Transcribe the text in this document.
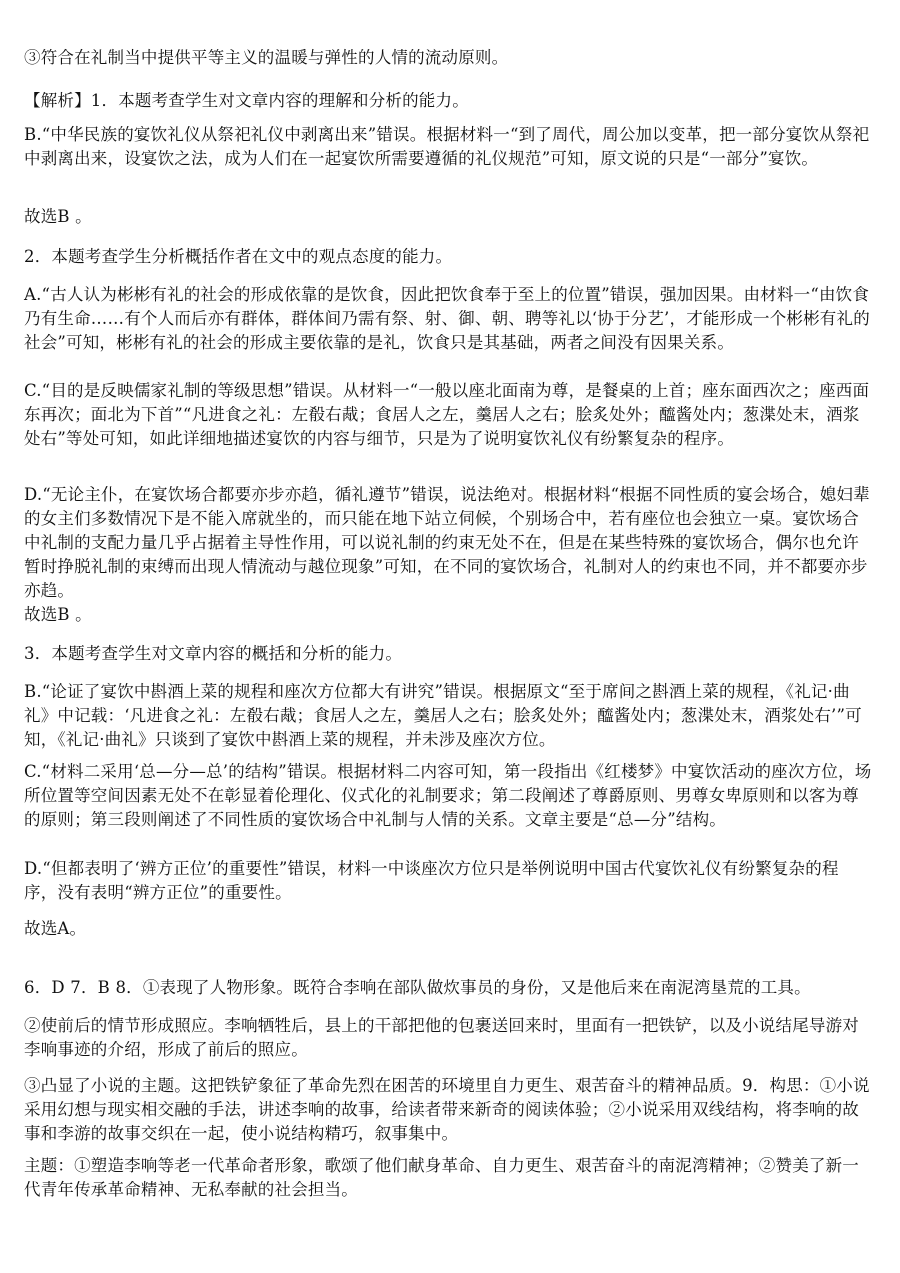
③符合在礼制当中提供平等主义的温暖与弹性的人情的流动原则。

【解析】1．本题考查学生对文章内容的理解和分析的能力。

B.“中华民族的宴饮礼仪从祭祀礼仪中剥离出来”错误。根据材料一“到了周代，周公加以变革，把一部分宴饮从祭祀中剥离出来，设宴饮之法，成为人们在一起宴饮所需要遵循的礼仪规范”可知，原文说的只是“一部分”宴饮。

故选B 。

2．本题考查学生分析概括作者在文中的观点态度的能力。

A.“古人认为彬彬有礼的社会的形成依靠的是饮食，因此把饮食奉于至上的位置”错误，强加因果。由材料一“由饮食乃有生命……有个人而后亦有群体，群体间乃需有祭、射、御、朝、聘等礼以‘协于分艺’，才能形成一个彬彬有礼的社会”可知，彬彬有礼的社会的形成主要依靠的是礼，饮食只是其基础，两者之间没有因果关系。

C.“目的是反映儒家礼制的等级思想”错误。从材料一“一般以座北面南为尊，是餐桌的上首；座东面西次之；座西面东再次；面北为下首”“凡进食之礼：左殽右胾；食居人之左，羹居人之右；脍炙处外；醯酱处内；葱渫处末，酒浆处右”等处可知，如此详细地描述宴饮的内容与细节，只是为了说明宴饮礼仪有纷繁复杂的程序。

D.“无论主仆，在宴饮场合都要亦步亦趋，循礼遵节”错误，说法绝对。根据材料“根据不同性质的宴会场合，媳妇辈的女主们多数情况下是不能入席就坐的，而只能在地下站立伺候，个别场合中，若有座位也会独立一桌。宴饮场合中礼制的支配力量几乎占据着主导性作用，可以说礼制的约束无处不在，但是在某些特殊的宴饮场合，偶尔也允许暂时挣脱礼制的束缚而出现人情流动与越位现象”可知，在不同的宴饮场合，礼制对人的约束也不同，并不都要亦步亦趋。

故选B 。

3．本题考查学生对文章内容的概括和分析的能力。

B.“论证了宴饮中斟酒上菜的规程和座次方位都大有讲究”错误。根据原文“至于席间之斟酒上菜的规程，《礼记·曲礼》中记载：‘凡进食之礼：左殽右胾；食居人之左，羹居人之右；脍炙处外；醯酱处内；葱渫处末，酒浆处右’”可知，《礼记·曲礼》只谈到了宴饮中斟酒上菜的规程，并未涉及座次方位。

C.“材料二采用‘总—分—总’的结构”错误。根据材料二内容可知，第一段指出《红楼梦》中宴饮活动的座次方位，场所位置等空间因素无处不在彰显着伦理化、仪式化的礼制要求；第二段阐述了尊爵原则、男尊女卑原则和以客为尊的原则；第三段则阐述了不同性质的宴饮场合中礼制与人情的关系。文章主要是“总—分”结构。

D.“但都表明了‘辨方正位’的重要性”错误，材料一中谈座次方位只是举例说明中国古代宴饮礼仪有纷繁复杂的程序，没有表明“辨方正位”的重要性。

故选A。

6．D 7．B 8．①表现了人物形象。既符合李响在部队做炊事员的身份，又是他后来在南泥湾垦荒的工具。

②使前后的情节形成照应。李响牺牲后，县上的干部把他的包裹送回来时，里面有一把铁铲，以及小说结尾导游对李响事迹的介绍，形成了前后的照应。

③凸显了小说的主题。这把铁铲象征了革命先烈在困苦的环境里自力更生、艰苦奋斗的精神品质。9．构思：①小说采用幻想与现实相交融的手法，讲述李响的故事，给读者带来新奇的阅读体验；②小说采用双线结构，将李响的故事和李游的故事交织在一起，使小说结构精巧，叙事集中。

主题：①塑造李响等老一代革命者形象，歌颂了他们献身革命、自力更生、艰苦奋斗的南泥湾精神；②赞美了新一代青年传承革命精神、无私奉献的社会担当。
